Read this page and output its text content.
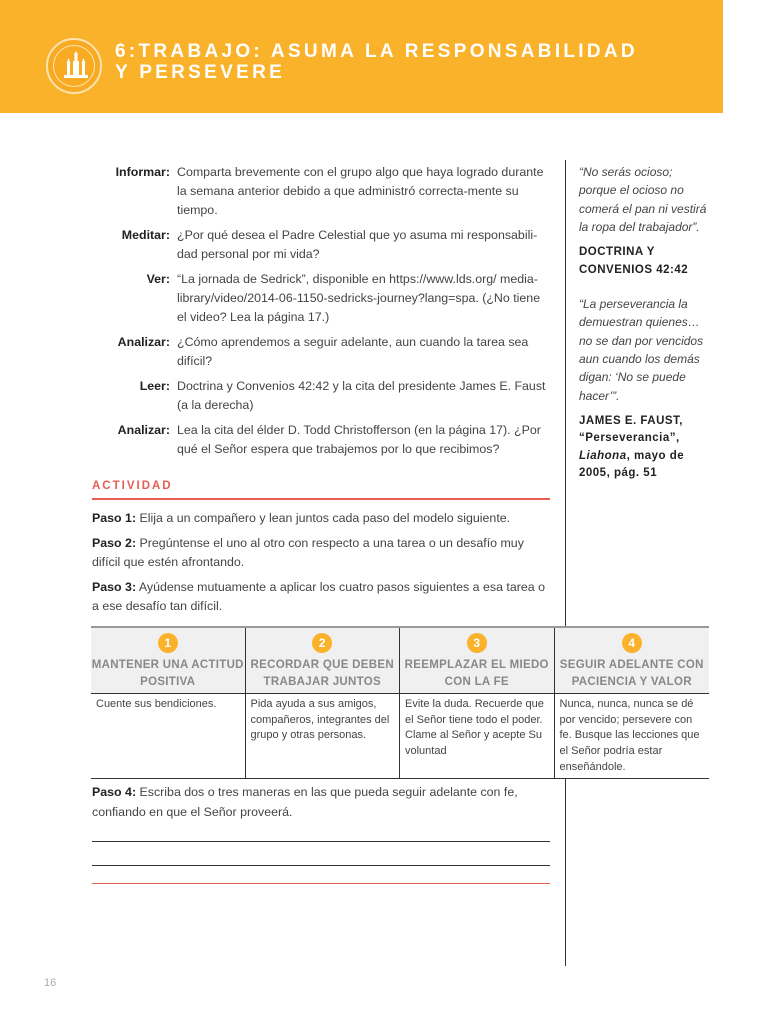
6:TRABAJO: ASUMA LA RESPONSABILIDAD
Y PERSEVERE
Informar: Comparta brevemente con el grupo algo que haya logrado durante la semana anterior debido a que administró correcta-mente su tiempo.
Meditar: ¿Por qué desea el Padre Celestial que yo asuma mi responsabili-dad personal por mi vida?
Ver: “La jornada de Sedrick”, disponible en https://www.lds.org/ media-library/video/2014-06-1150-sedricks-journey?lang=spa. (¿No tiene el video? Lea la página 17.)
Analizar: ¿Cómo aprendemos a seguir adelante, aun cuando la tarea sea difícil?
Leer: Doctrina y Convenios 42:42 y la cita del presidente James E. Faust (a la derecha)
Analizar: Lea la cita del élder D. Todd Christofferson (en la página 17). ¿Por qué el Señor espera que trabajemos por lo que recibimos?
ACTIVIDAD
Paso 1: Elija a un compañero y lean juntos cada paso del modelo siguiente.
Paso 2: Pregúntense el uno al otro con respecto a una tarea o un desafío muy difícil que estén afrontando.
Paso 3: Ayúdense mutuamente a aplicar los cuatro pasos siguientes a esa tarea o a ese desafío tan difícil.
“No serás ocioso; porque el ocioso no comerá el pan ni vestirá la ropa del trabajador”.
DOCTRINA Y
CONVENIOS 42:42
“La perseverancia la demuestran quienes… no se dan por vencidos aun cuando los demás digan: ‘No se puede hacer’”.
JAMES E. FAUST,
“Perseverancia”,
Liahona, mayo de
2005, pág. 51
1
MANTENER UNA ACTITUD POSITIVA
2
RECORDAR QUE DEBEN TRABAJAR JUNTOS
3
REEMPLAZAR EL MIEDO CON LA FE
4
SEGUIR ADELANTE CON PACIENCIA Y VALOR
Cuente sus bendiciones.	Pida ayuda a sus amigos, compañeros, integrantes del grupo y otras personas.
Evite la duda. Recuerde que el Señor tiene todo el poder. Clame al Señor y acepte Su voluntad
Nunca, nunca, nunca se dé por vencido; persevere con fe. Busque las lecciones que el Señor podría estar enseñándole.
Paso 4: Escriba dos o tres maneras en las que pueda seguir adelante con fe, confiando en que el Señor proveerá.
16
